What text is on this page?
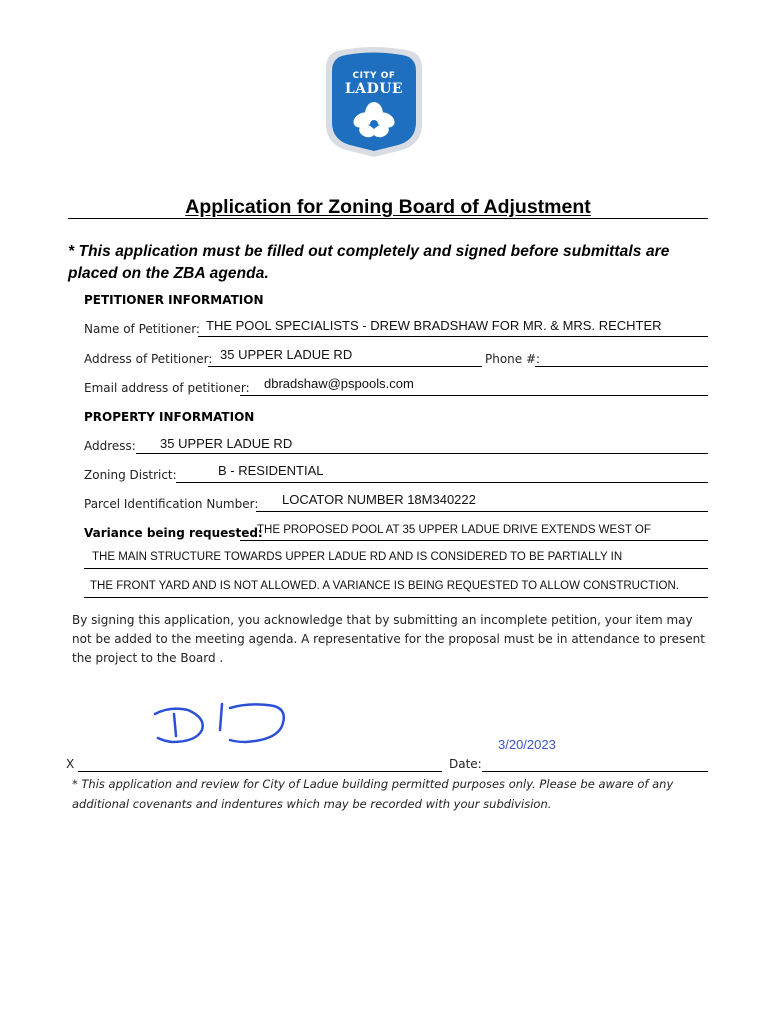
CITY OF
LADUE
Application for Zoning Board of Adjustment
* This application must be filled out completely and signed before submittals are placed on the ZBA agenda.
PETITIONER INFORMATION
Name of Petitioner: THE POOL SPECIALISTS - DREW BRADSHAW FOR MR. & MRS. RECHTER
Address of Petitioner: 35 UPPER LADUE RD	Phone #:
Email address of petitioner: dbradshaw@pspools.com
PROPERTY INFORMATION
Address: 35 UPPER LADUE RD
Zoning District:	B - RESIDENTIAL
Parcel Identification Number: LOCATOR NUMBER 18M340222
Variance being requested:
THE PROPOSED POOL AT 35 UPPER LADUE DRIVE EXTENDS WEST OF
THE MAIN STRUCTURE TOWARDS UPPER LADUE RD AND IS CONSIDERED TO BE PARTIALLY IN
THE FRONT YARD AND IS NOT ALLOWED. A VARIANCE IS BEING REQUESTED TO ALLOW CONSTRUCTION.
By signing this application, you acknowledge that by submitting an incomplete petition, your item may not be added to the meeting agenda. A representative for the proposal must be in attendance to present the project to the Board .
3/20/2023
X	Date:
* This application and review for City of Ladue building permitted purposes only. Please be aware of any additional covenants and indentures which may be recorded with your subdivision.
